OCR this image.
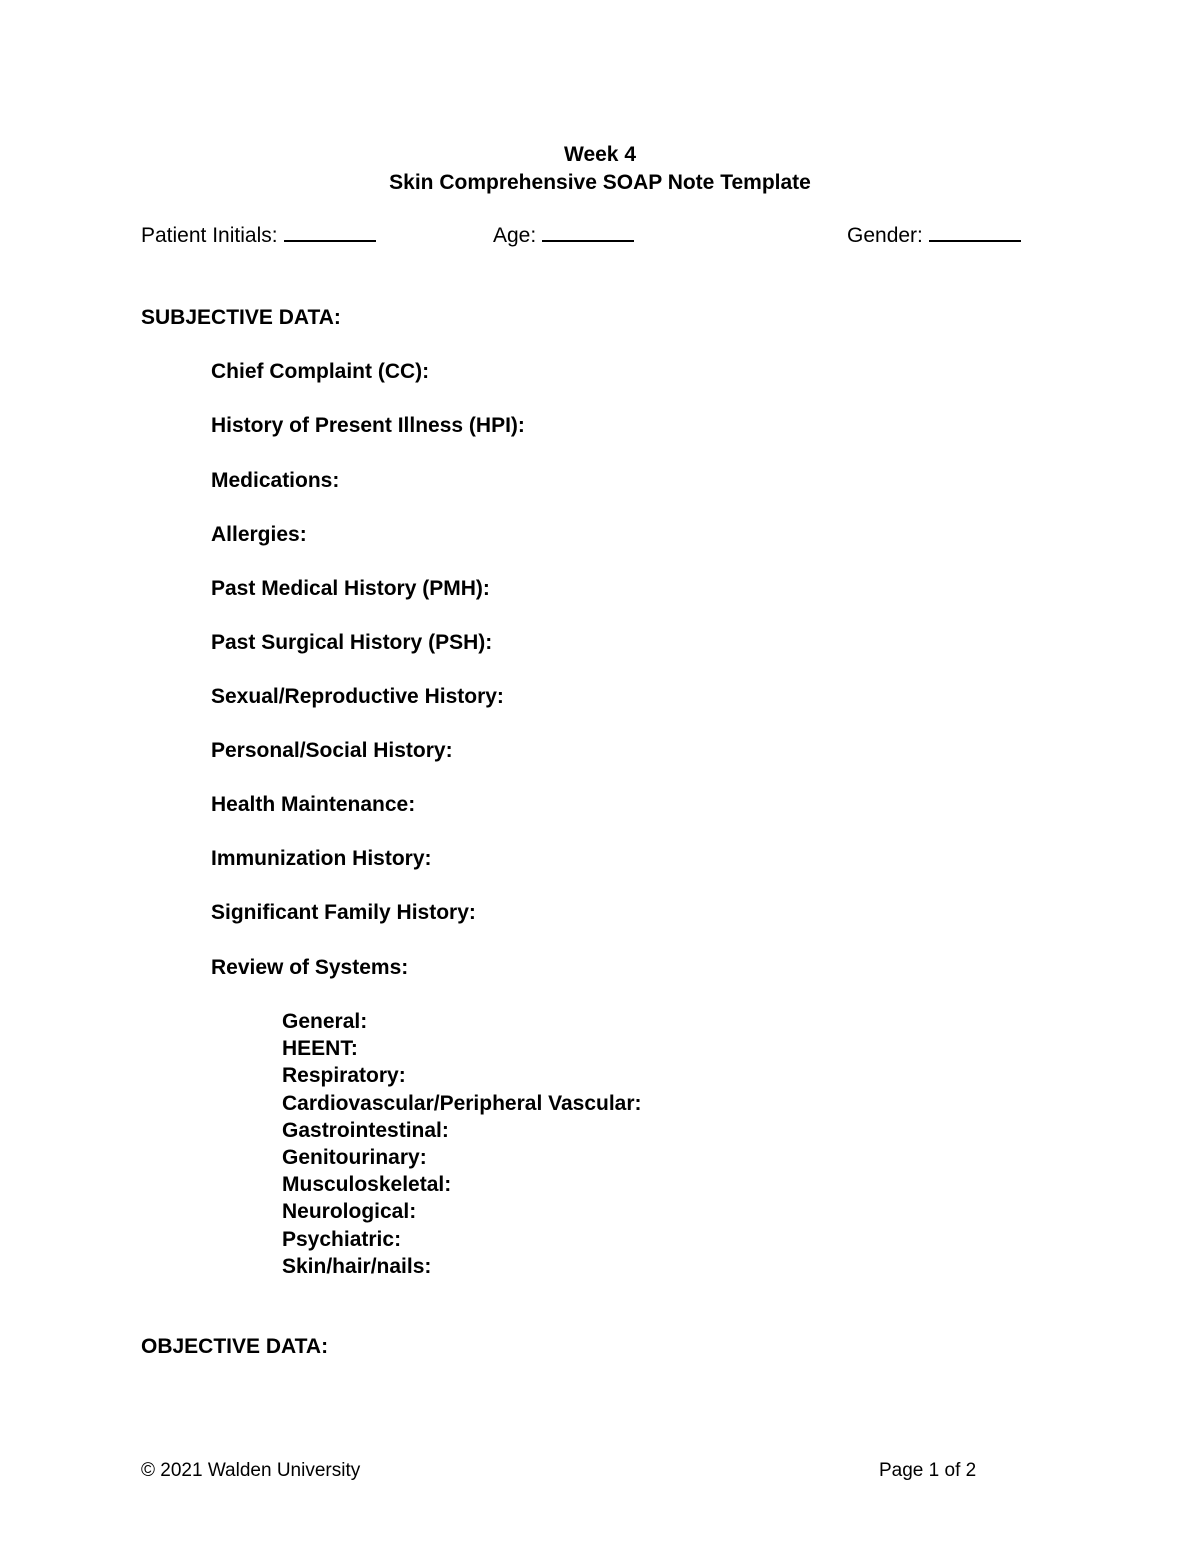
Week 4
Skin Comprehensive SOAP Note Template
Patient Initials:	Age:	Gender:
SUBJECTIVE DATA:
Chief Complaint (CC):
History of Present Illness (HPI):
Medications:
Allergies:
Past Medical History (PMH):
Past Surgical History (PSH):
Sexual/Reproductive History:
Personal/Social History:
Health Maintenance:
Immunization History:
Significant Family History:
Review of Systems:
General:
HEENT:
Respiratory:
Cardiovascular/Peripheral Vascular:
Gastrointestinal:
Genitourinary:
Musculoskeletal:
Neurological:
Psychiatric:
Skin/hair/nails:
OBJECTIVE DATA:
© 2021 Walden University	Page 1 of 2
